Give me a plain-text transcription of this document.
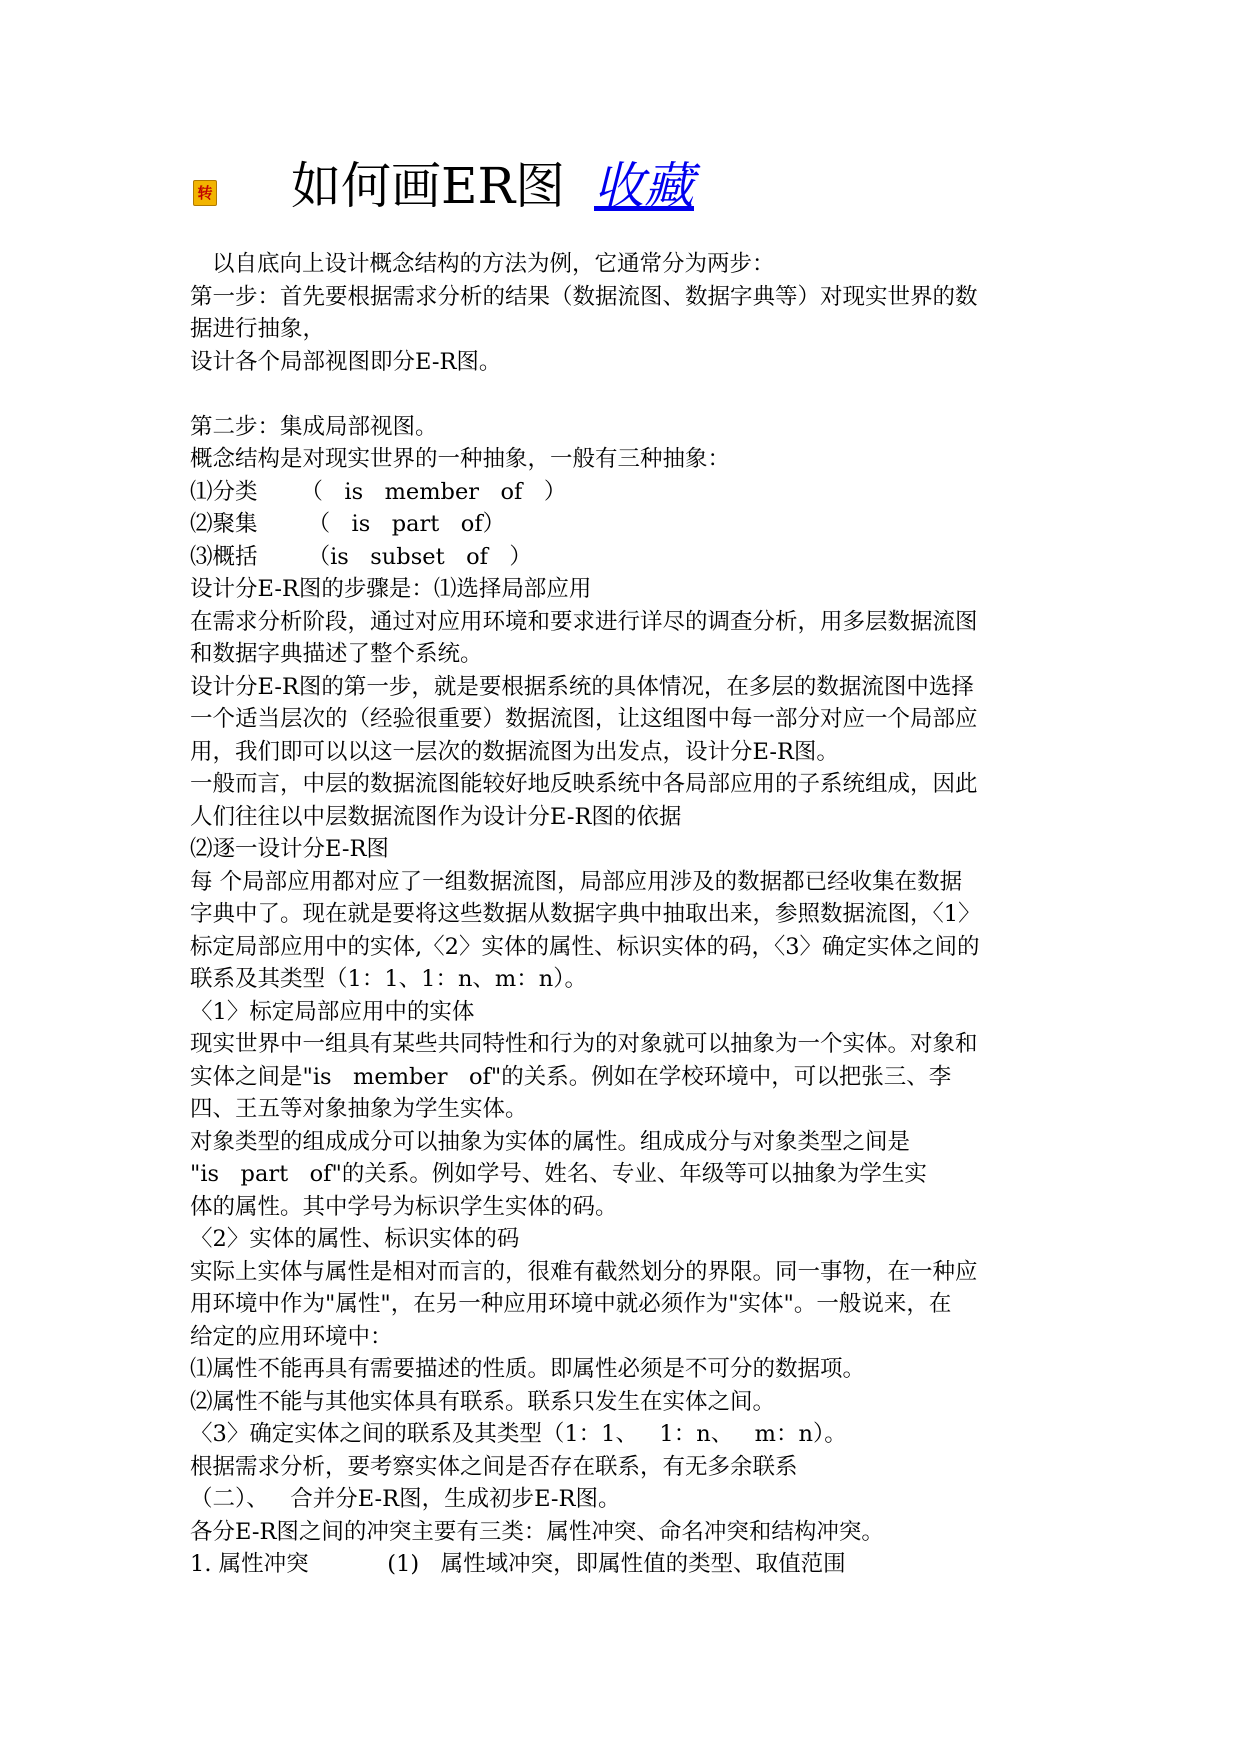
转 如何画ER图 收藏
以自底向上设计概念结构的方法为例，它通常分为两步：
第一步：首先要根据需求分析的结果（数据流图、数据字典等）对现实世界的数
据进行抽象，
设计各个局部视图即分E-R图。
第二步：集成局部视图。
概念结构是对现实世界的一种抽象，一般有三种抽象：
⑴分类      （   is   member   of   ）
⑵聚集       （   is   part   of）
⑶概括       （is   subset   of   ）
设计分E-R图的步骤是：⑴选择局部应用
在需求分析阶段，通过对应用环境和要求进行详尽的调查分析，用多层数据流图
和数据字典描述了整个系统。
设计分E-R图的第一步，就是要根据系统的具体情况，在多层的数据流图中选择
一个适当层次的（经验很重要）数据流图，让这组图中每一部分对应一个局部应
用，我们即可以以这一层次的数据流图为出发点，设计分E-R图。
一般而言，中层的数据流图能较好地反映系统中各局部应用的子系统组成，因此
人们往往以中层数据流图作为设计分E-R图的依据
⑵逐一设计分E-R图
每 个局部应用都对应了一组数据流图，局部应用涉及的数据都已经收集在数据
字典中了。现在就是要将这些数据从数据字典中抽取出来，参照数据流图，〈1〉
标定局部应用中的实体,〈2〉实体的属性、标识实体的码，〈3〉确定实体之间的
联系及其类型（1：1、1：n、m：n）。
〈1〉标定局部应用中的实体
现实世界中一组具有某些共同特性和行为的对象就可以抽象为一个实体。对象和
实体之间是"is   member   of"的关系。例如在学校环境中，可以把张三、李
四、王五等对象抽象为学生实体。
对象类型的组成成分可以抽象为实体的属性。组成成分与对象类型之间是
"is   part   of"的关系。例如学号、姓名、专业、年级等可以抽象为学生实
体的属性。其中学号为标识学生实体的码。
〈2〉实体的属性、标识实体的码
实际上实体与属性是相对而言的，很难有截然划分的界限。同一事物，在一种应
用环境中作为"属性"，在另一种应用环境中就必须作为"实体"。一般说来，在
给定的应用环境中：
⑴属性不能再具有需要描述的性质。即属性必须是不可分的数据项。
⑵属性不能与其他实体具有联系。联系只发生在实体之间。
〈3〉确定实体之间的联系及其类型（1：1、   1：n、   m：n）。
根据需求分析，要考察实体之间是否存在联系，有无多余联系
（二）、   合并分E-R图，生成初步E-R图。
各分E-R图之间的冲突主要有三类：属性冲突、命名冲突和结构冲突。
1. 属性冲突           (1)   属性域冲突，即属性值的类型、取值范围
